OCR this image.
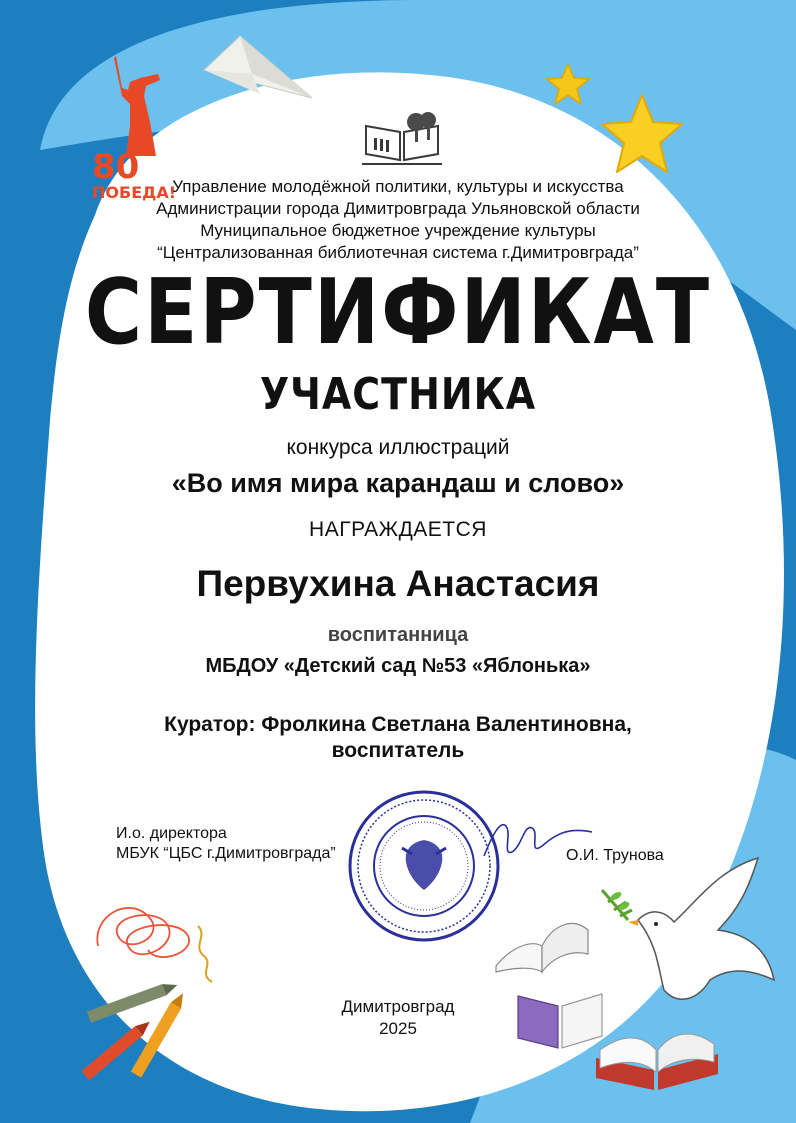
80
ПОБЕДА!
Управление молодёжной политики, культуры и искусства
Администрации города Димитровграда Ульяновской области
Муниципальное бюджетное учреждение культуры
“Централизованная библиотечная система г.Димитровграда”
СЕРТИФИКАТ
УЧАСТНИКА
конкурса иллюстраций
«Во имя мира карандаш и слово»
НАГРАЖДАЕТСЯ
Первухина Анастасия
воспитанница
МБДОУ «Детский сад №53 «Яблонька»
Куратор: Фролкина Светлана Валентиновна,
воспитатель
И.о. директора
МБУК “ЦБС г.Димитровграда”	О.И. Трунова
Димитровград
2025
